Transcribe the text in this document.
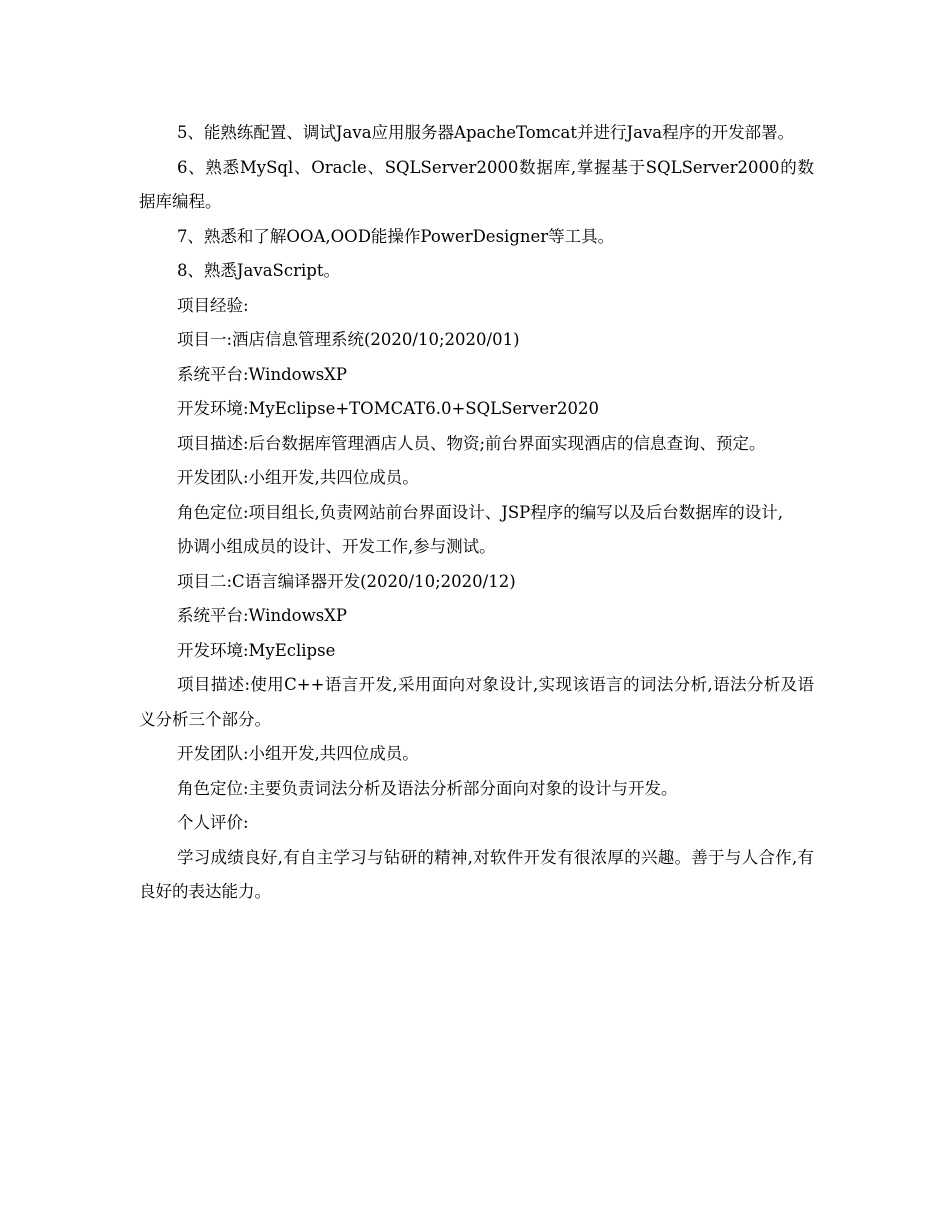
5、能熟练配置、调试Java应用服务器ApacheTomcat并进行Java程序的开发部署。

6、熟悉MySql、Oracle、SQLServer2000数据库,掌握基于SQLServer2000的数据库编程。

7、熟悉和了解OOA,OOD能操作PowerDesigner等工具。

8、熟悉JavaScript。

项目经验:

项目一:酒店信息管理系统(2020/10;2020/01)

系统平台:WindowsXP

开发环境:MyEclipse+TOMCAT6.0+SQLServer2020

项目描述:后台数据库管理酒店人员、物资;前台界面实现酒店的信息查询、预定。

开发团队:小组开发,共四位成员。

角色定位:项目组长,负责网站前台界面设计、JSP程序的编写以及后台数据库的设计,

协调小组成员的设计、开发工作,参与测试。

项目二:C语言编译器开发(2020/10;2020/12)

系统平台:WindowsXP

开发环境:MyEclipse

项目描述:使用C++语言开发,采用面向对象设计,实现该语言的词法分析,语法分析及语义分析三个部分。

开发团队:小组开发,共四位成员。

角色定位:主要负责词法分析及语法分析部分面向对象的设计与开发。

个人评价:

学习成绩良好,有自主学习与钻研的精神,对软件开发有很浓厚的兴趣。善于与人合作,有良好的表达能力。
